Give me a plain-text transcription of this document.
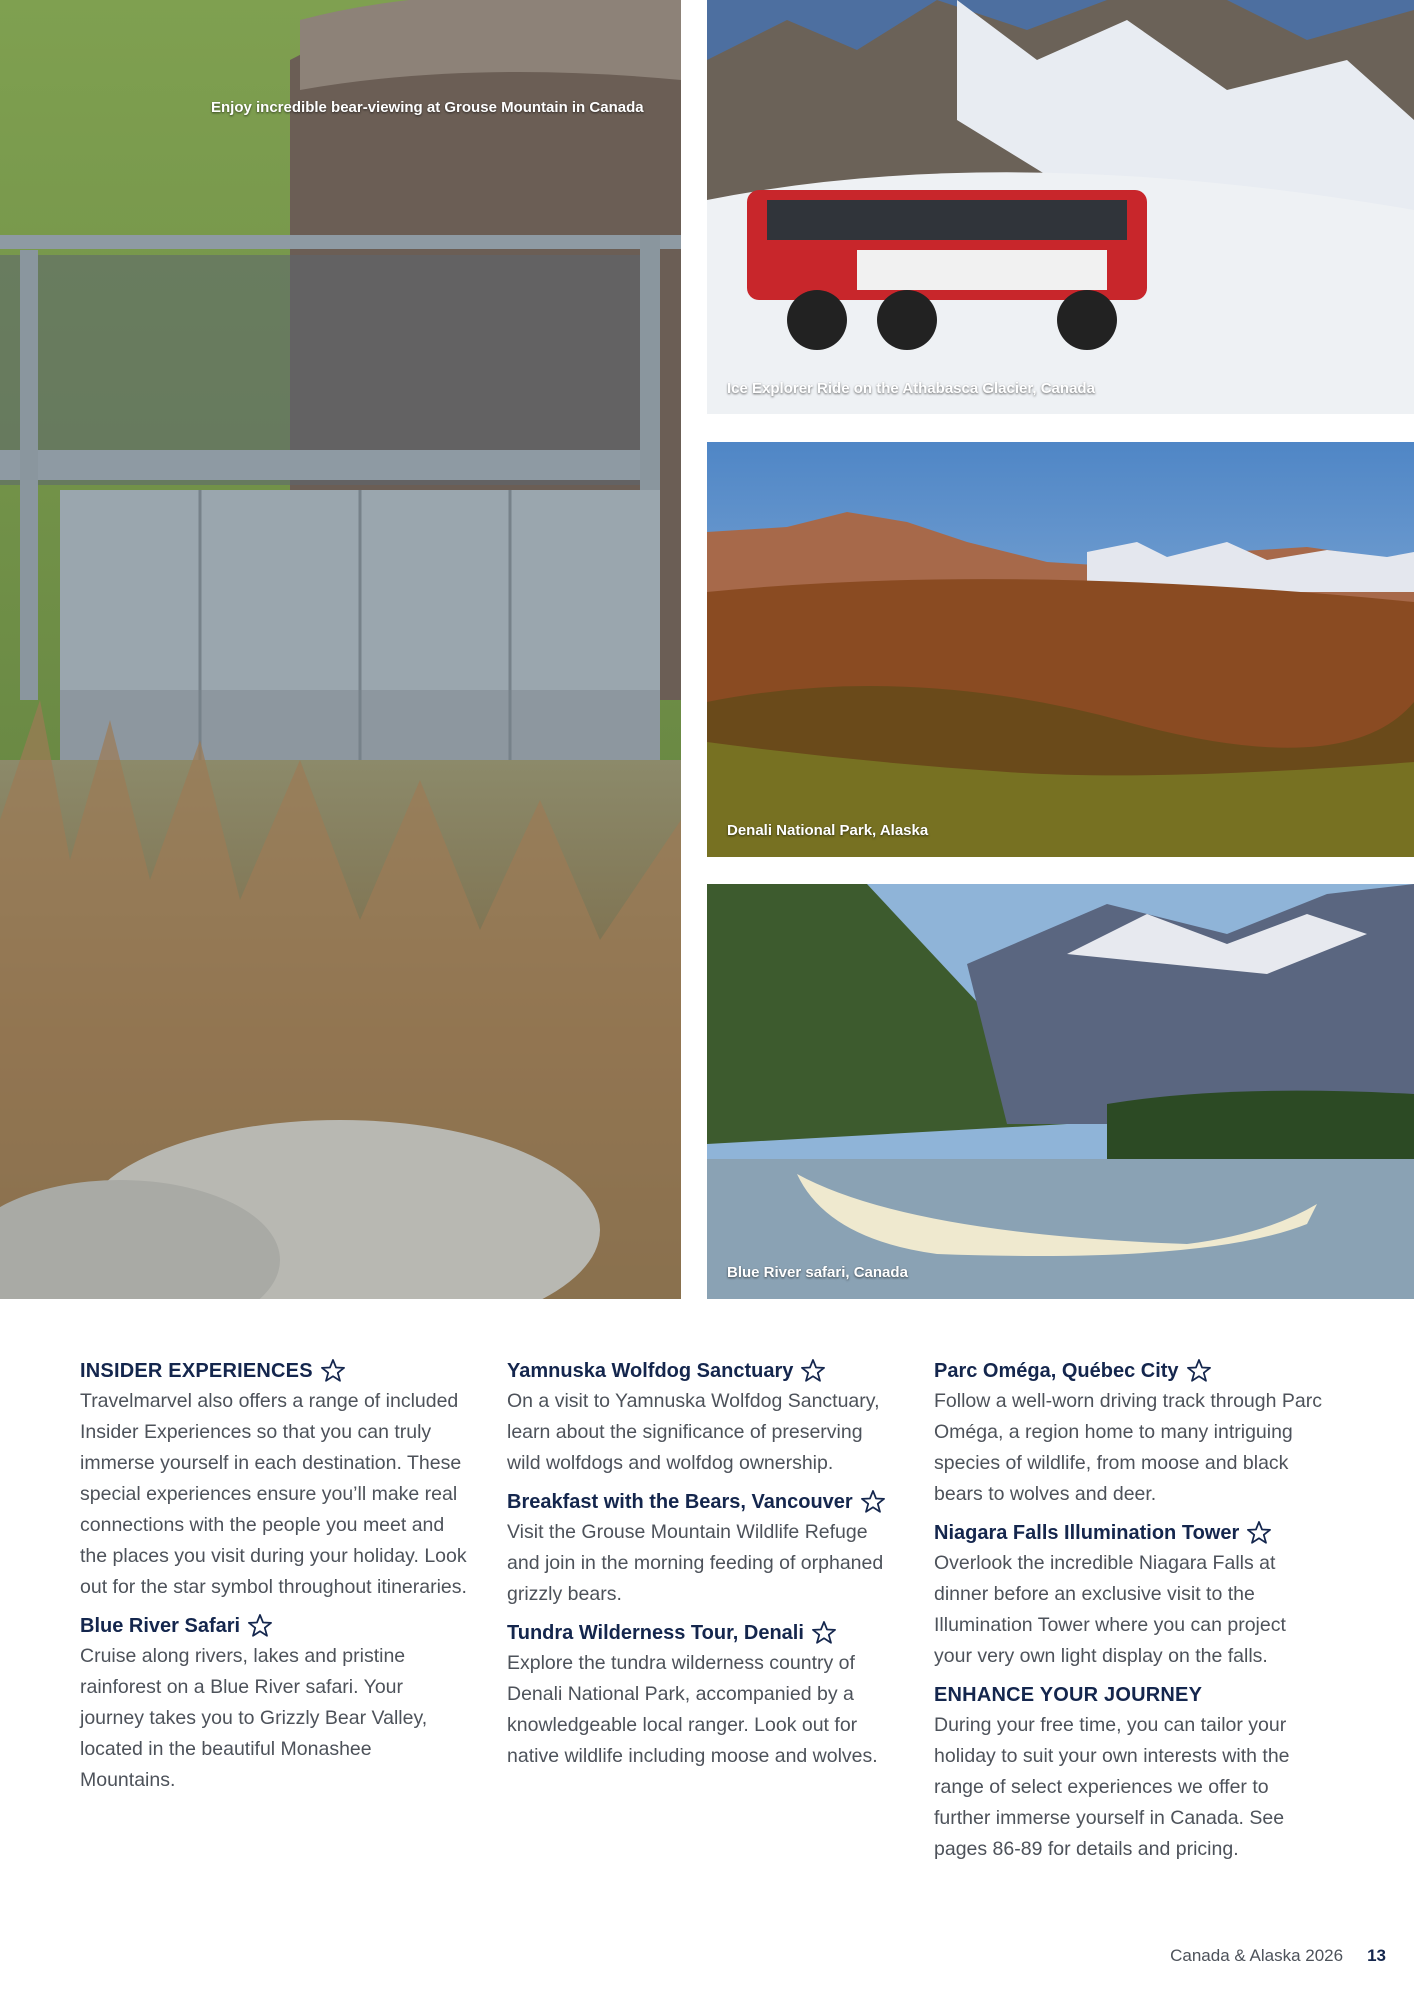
Enjoy incredible bear-viewing at Grouse Mountain in Canada
Ice Explorer Ride on the Athabasca Glacier, Canada
Denali National Park, Alaska
Blue River safari, Canada
INSIDER EXPERIENCES

Travelmarvel also offers a range of included Insider Experiences so that you can truly immerse yourself in each destination. These special experiences ensure you’ll make real connections with the people you meet and the places you visit during your holiday. Look out for the star symbol throughout itineraries.

Blue River Safari

Cruise along rivers, lakes and pristine rainforest on a Blue River safari. Your journey takes you to Grizzly Bear Valley, located in the beautiful Monashee Mountains.

Yamnuska Wolfdog Sanctuary

On a visit to Yamnuska Wolfdog Sanctuary, learn about the significance of preserving wild wolfdogs and wolfdog ownership.

Breakfast with the Bears, Vancouver

Visit the Grouse Mountain Wildlife Refuge and join in the morning feeding of orphaned grizzly bears.

Tundra Wilderness Tour, Denali

Explore the tundra wilderness country of Denali National Park, accompanied by a knowledgeable local ranger. Look out for native wildlife including moose and wolves.

Parc Oméga, Québec City

Follow a well-worn driving track through Parc Oméga, a region home to many intriguing species of wildlife, from moose and black bears to wolves and deer.

Niagara Falls Illumination Tower

Overlook the incredible Niagara Falls at dinner before an exclusive visit to the Illumination Tower where you can project your very own light display on the falls.

ENHANCE YOUR JOURNEY

During your free time, you can tailor your holiday to suit your own interests with the range of select experiences we offer to further immerse yourself in Canada. See pages 86-89 for details and pricing.

Canada & Alaska 2026 13
